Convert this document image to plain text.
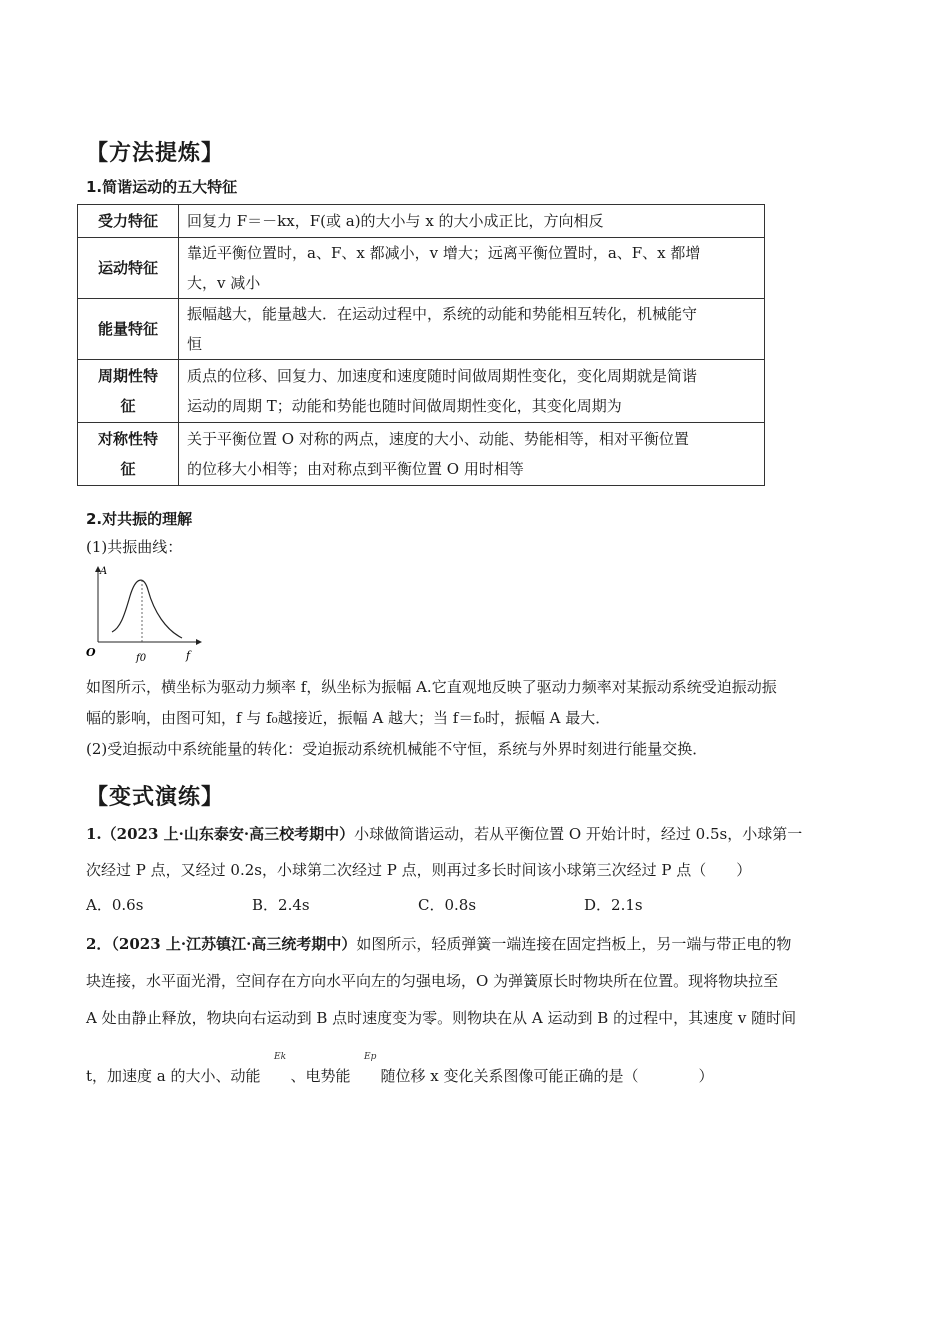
【方法提炼】
1.简谐运动的五大特征
受力特征	回复力 F＝－kx，F(或 a)的大小与 x 的大小成正比，方向相反
运动特征	靠近平衡位置时，a、F、x 都减小，v 增大；远离平衡位置时，a、F、x 都增
大，v 减小

能量特征	振幅越大，能量越大．在运动过程中，系统的动能和势能相互转化，机械能守
恒

周期性特征	质点的位移、回复力、加速度和速度随时间做周期性变化，变化周期就是简谐
运动的周期 T；动能和势能也随时间做周期性变化，其变化周期为

对称性特征	关于平衡位置 O 对称的两点，速度的大小、动能、势能相等，相对平衡位置
的位移大小相等；由对称点到平衡位置 O 用时相等
2.对共振的理解
(1)共振曲线：
A
O	f
f0
如图所示，横坐标为驱动力频率 f，纵坐标为振幅 A.它直观地反映了驱动力频率对某振动系统受迫振动振
幅的影响，由图可知，f 与 f₀越接近，振幅 A 越大；当 f＝f₀时，振幅 A 最大．
(2)受迫振动中系统能量的转化：受迫振动系统机械能不守恒，系统与外界时刻进行能量交换．
【变式演练】
1.（2023 上·山东泰安·高三校考期中）小球做简谐运动，若从平衡位置 O 开始计时，经过 0.5s，小球第一
次经过 P 点，又经过 0.2s，小球第二次经过 P 点，则再过多长时间该小球第三次经过 P 点（　　）
A．0.6s	B．2.4s	C．0.8s	D．2.1s
2．（2023 上·江苏镇江·高三统考期中）如图所示，轻质弹簧一端连接在固定挡板上，另一端与带正电的物
块连接，水平面光滑，空间存在方向水平向左的匀强电场，O 为弹簧原长时物块所在位置。现将物块拉至
A 处由静止释放，物块向右运动到 B 点时速度变为零。则物块在从 A 运动到 B 的过程中，其速度 v 随时间
t，加速度 a 的大小、动能　　、电势能　　随位移 x 变化关系图像可能正确的是（　　　　）
Ek	Ep
